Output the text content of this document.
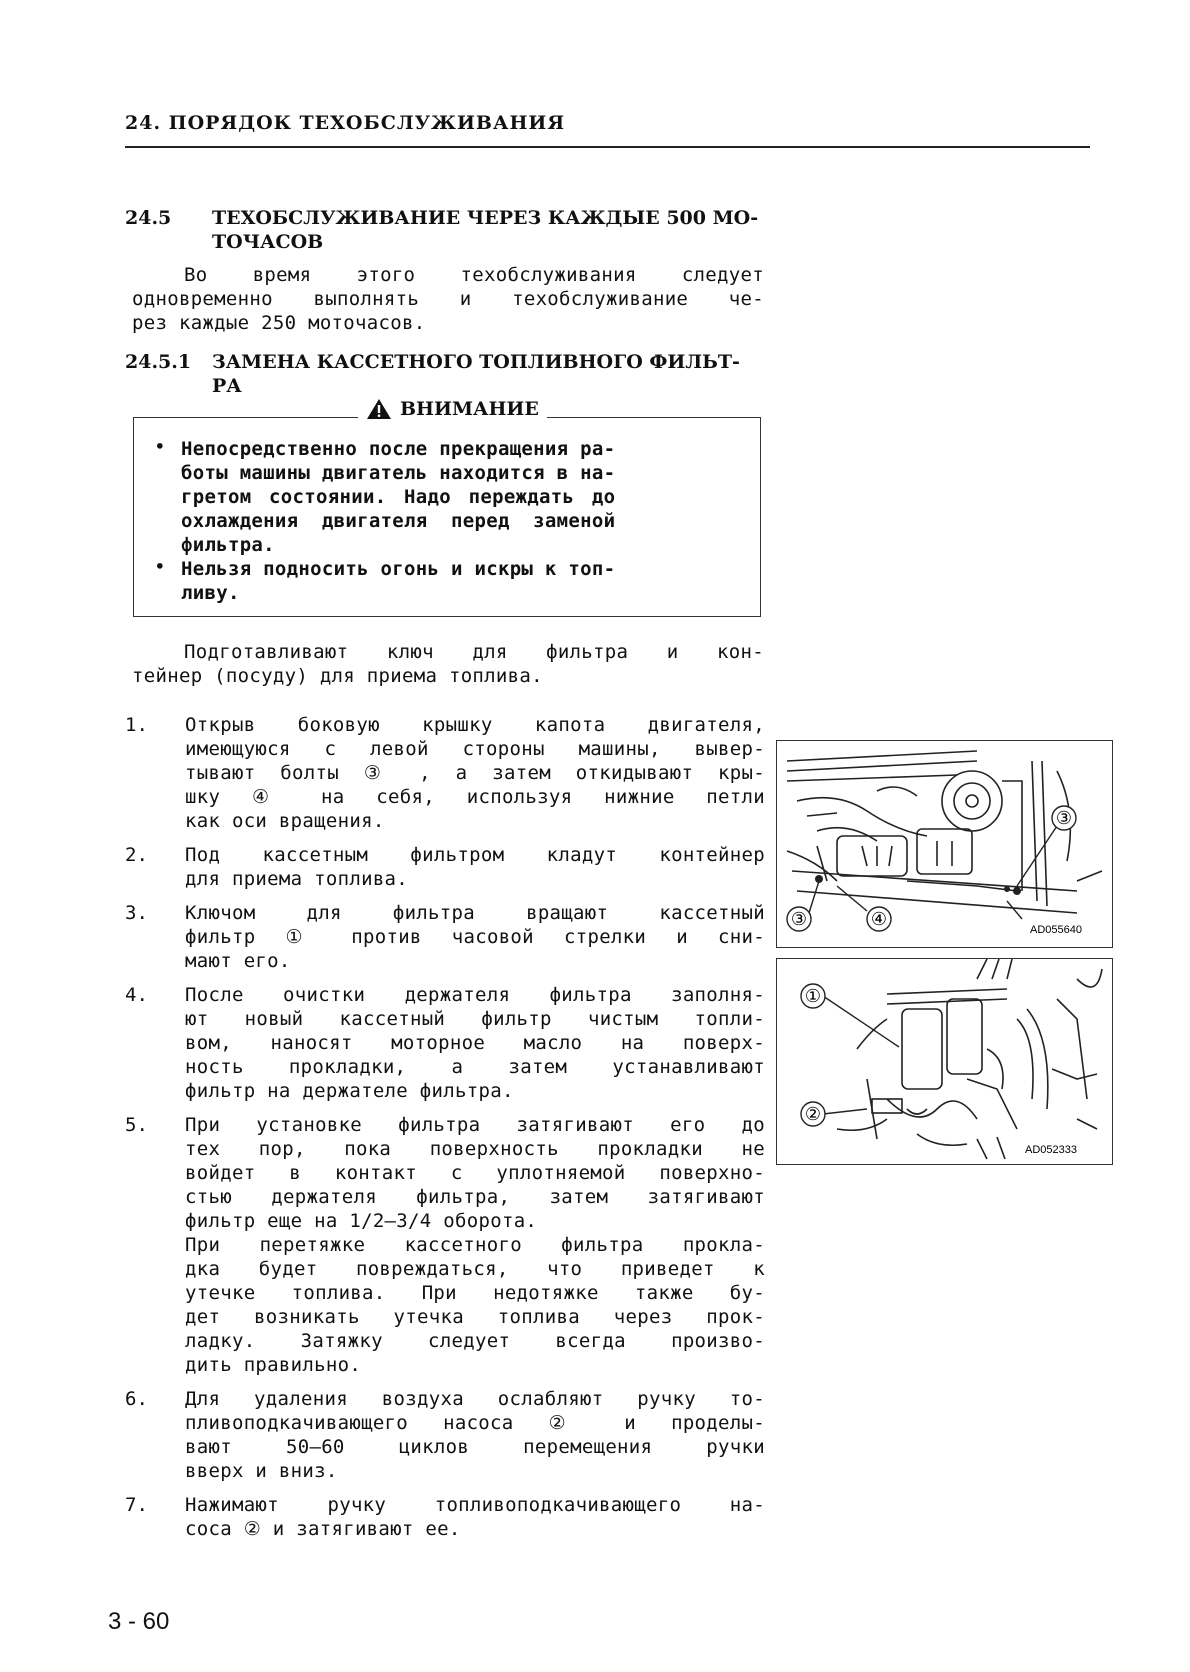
24. ПОРЯДОК ТЕХОБСЛУЖИВАНИЯ
24.5 ТЕХОБСЛУЖИВАНИЕ ЧЕРЕЗ КАЖДЫЕ 500 МО-
ТОЧАСОВ
Во время этого техобслуживания следует
одновременно выполнять и техобслуживание че-
рез каждые 250 моточасов.
24.5.1 ЗАМЕНА КАССЕТНОГО ТОПЛИВНОГО ФИЛЬТ-
РА
ВНИМАНИЕ
• Непосредственно после прекращения ра-
боты машины двигатель находится в на-
гретом состоянии. Надо переждать до
охлаждения двигателя перед заменой
фильтра.
• Нельзя подносить огонь и искры к топ-
ливу.
Подготавливают ключ для фильтра и кон-
тейнер (посуду) для приема топлива.
1.	Открыв боковую крышку капота двигателя,
имеющуюся с левой стороны машины, вывер-
тывают болты ③ , а затем откидывают кры-
шку ④ на себя, используя нижние петли
как оси вращения.
2.	Под кассетным фильтром кладут контейнер
для приема топлива.
3.	Ключом для фильтра вращают кассетный
фильтр ① против часовой стрелки и сни-
мают его.
4.	После очистки держателя фильтра заполня-
ют новый кассетный фильтр чистым топли-
вом, наносят моторное масло на поверх-
ность прокладки, а затем устанавливают
фильтр на держателе фильтра.
5.	При установке фильтра затягивают его до
тех пор, пока поверхность прокладки не
войдет в контакт с уплотняемой поверхно-
стью держателя фильтра, затем затягивают
фильтр еще на 1/2—3/4 оборота.
При перетяжке кассетного фильтра прокла-
дка будет повреждаться, что приведет к
утечке топлива. При недотяжке также бу-
дет возникать утечка топлива через прок-
ладку. Затяжку следует всегда произво-
дить правильно.
6.	Для удаления воздуха ослабляют ручку то-
пливоподкачивающего насоса ② и проделы-
вают 50—60 циклов перемещения ручки
вверх и вниз.
7.	Нажимают ручку топливоподкачивающего на-
соса ② и затягивают ее.
③
③	④
AD055640
①
②
AD052333
3 - 60
